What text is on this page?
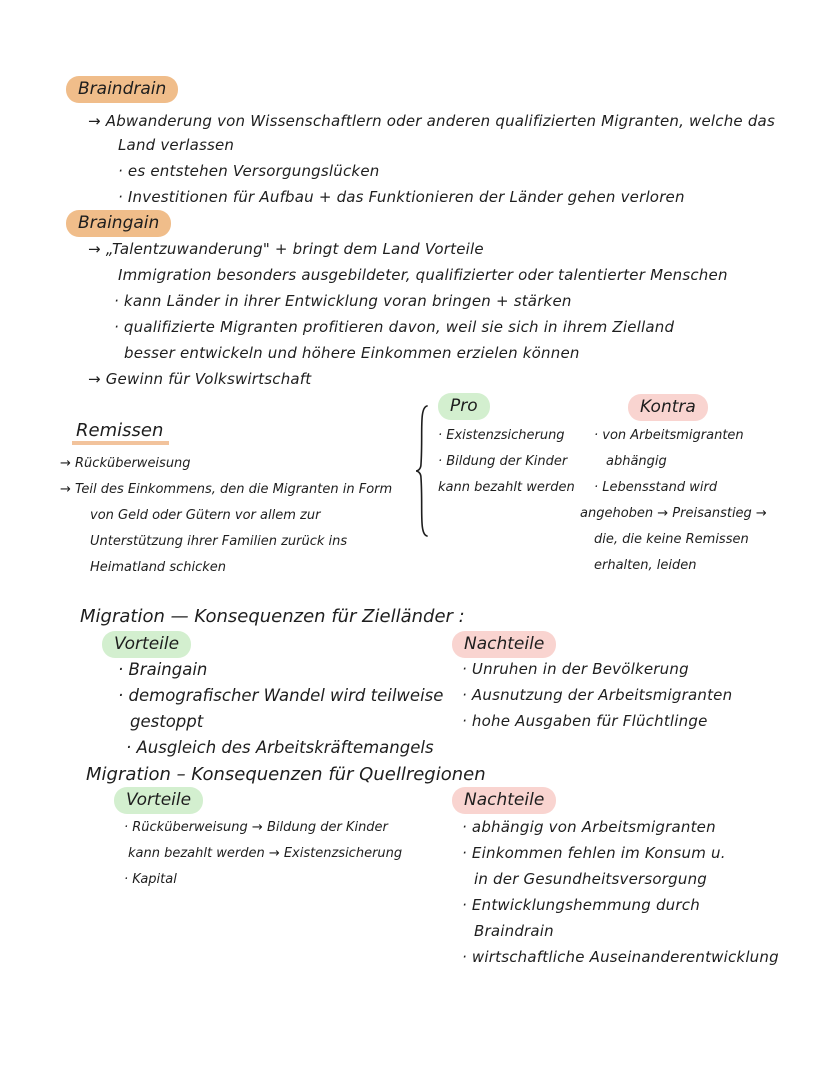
Braindrain
→ Abwanderung von Wissenschaftlern oder anderen qualifizierten Migranten, welche das
Land verlassen
· es entstehen Versorgungslücken
· Investitionen für Aufbau + das Funktionieren der Länder gehen verloren
Braingain
→ „Talentzuwanderung" + bringt dem Land Vorteile
Immigration besonders ausgebildeter, qualifizierter oder talentierter Menschen
· kann Länder in ihrer Entwicklung voran bringen + stärken
· qualifizierte Migranten profitieren davon, weil sie sich in ihrem Zielland
besser entwickeln und höhere Einkommen erzielen können
→ Gewinn für Volkswirtschaft
Remissen
→ Rücküberweisung
→ Teil des Einkommens, den die Migranten in Form
von Geld oder Gütern vor allem zur
Unterstützung ihrer Familien zurück ins
Heimatland schicken
Pro
· Existenzsicherung
· Bildung der Kinder
kann bezahlt werden
Kontra
· von Arbeitsmigranten
abhängig
· Lebensstand wird
angehoben → Preisanstieg →
die, die keine Remissen
erhalten, leiden
Migration — Konsequenzen für Zielländer :
Vorteile
· Braingain
· demografischer Wandel wird teilweise
gestoppt
· Ausgleich des Arbeitskräftemangels
Nachteile
· Unruhen in der Bevölkerung
· Ausnutzung der Arbeitsmigranten
· hohe Ausgaben für Flüchtlinge
Migration – Konsequenzen für Quellregionen
Vorteile
· Rücküberweisung → Bildung der Kinder
kann bezahlt werden → Existenzsicherung
· Kapital
Nachteile
· abhängig von Arbeitsmigranten
· Einkommen fehlen im Konsum u.
in der Gesundheitsversorgung
· Entwicklungshemmung durch
Braindrain
· wirtschaftliche Auseinanderentwicklung
